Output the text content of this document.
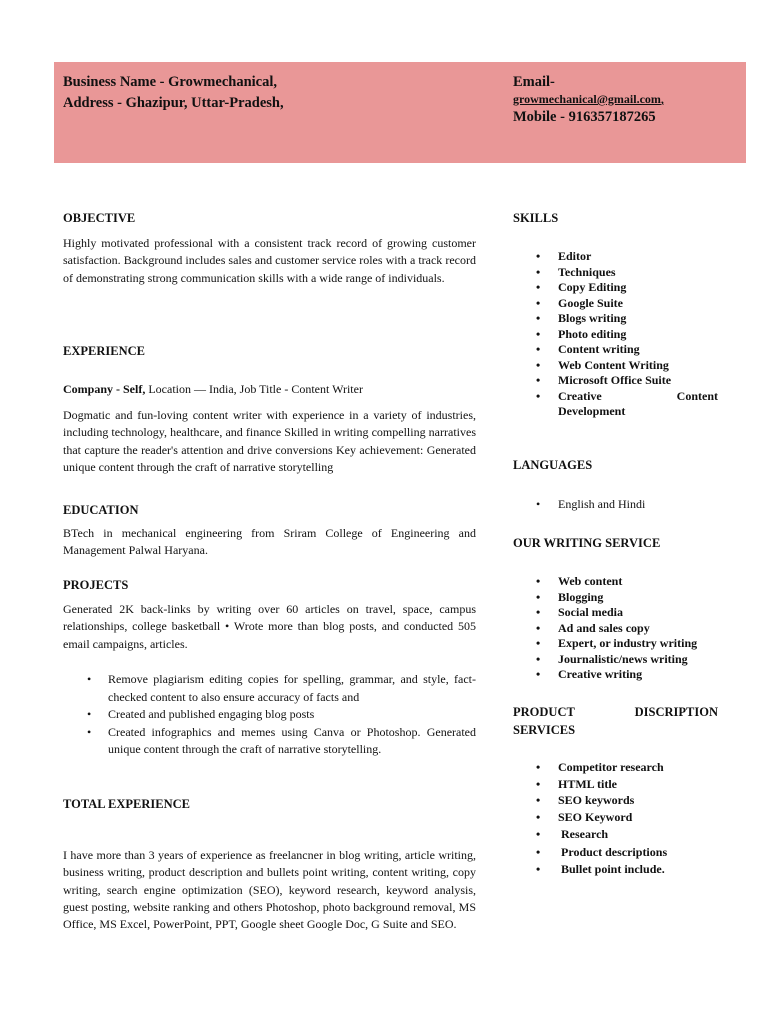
Business Name - Growmechanical,
Address - Ghazipur, Uttar-Pradesh,
Email-
growmechanical@gmail.com,
Mobile - 916357187265
OBJECTIVE
Highly motivated professional with a consistent track record of growing customer satisfaction. Background includes sales and customer service roles with a track record of demonstrating strong communication skills with a wide range of individuals.
EXPERIENCE
Company - Self, Location — India, Job Title - Content Writer
Dogmatic and fun-loving content writer with experience in a variety of industries, including technology, healthcare, and finance Skilled in writing compelling narratives that capture the reader's attention and drive conversions Key achievement: Generated unique content through the craft of narrative storytelling
EDUCATION
BTech in mechanical engineering from Sriram College of Engineering and Management Palwal Haryana.
PROJECTS
Generated 2K back-links by writing over 60 articles on travel, space, campus relationships, college basketball • Wrote more than blog posts, and conducted 505 email campaigns, articles.
• Remove plagiarism editing copies for spelling, grammar, and style, fact-checked content to also ensure accuracy of facts and
• Created and published engaging blog posts
• Created infographics and memes using Canva or Photoshop. Generated unique content through the craft of narrative storytelling.
TOTAL EXPERIENCE
I have more than 3 years of experience as freelancner in blog writing, article writing, business writing, product description and bullets point writing, content writing, copy writing, search engine optimization (SEO), keyword research, keyword analysis, guest posting, website ranking and others Photoshop, photo background removal, MS Office, MS Excel, PowerPoint, PPT, Google sheet Google Doc, G Suite and SEO.
SKILLS
• Editor
• Techniques
• Copy Editing
• Google Suite
• Blogs writing
• Photo editing
• Content writing
• Web Content Writing
• Microsoft Office Suite
• Creative	Content
Development
LANGUAGES
• English and Hindi
OUR WRITING SERVICE
• Web content
• Blogging
• Social media
• Ad and sales copy
• Expert, or industry writing
• Journalistic/news writing
• Creative writing
PRODUCT	DISCRIPTION
SERVICES
• Competitor research
• HTML title
• SEO keywords
• SEO Keyword
•  Research
•  Product descriptions
•  Bullet point include.
